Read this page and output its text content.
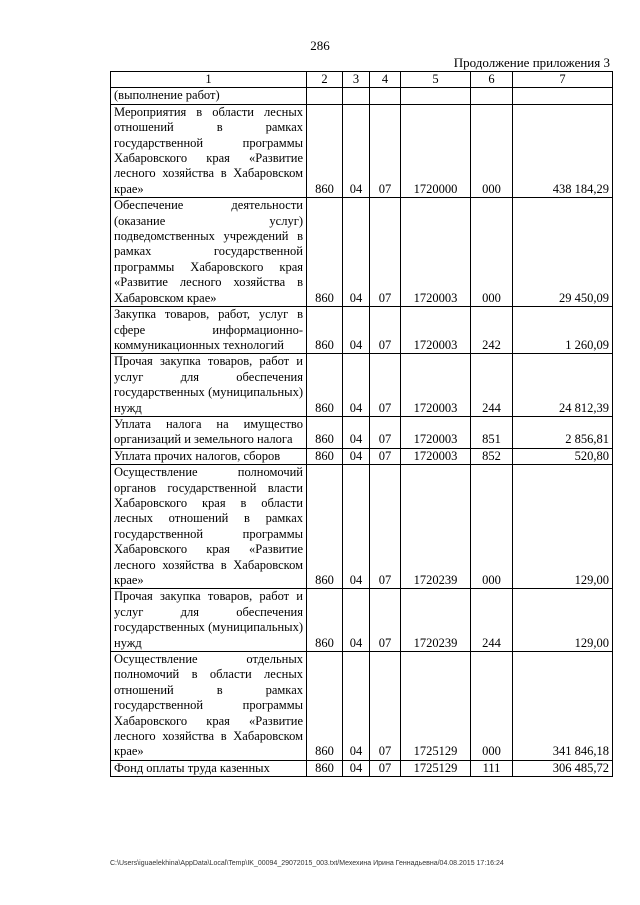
286
Продолжение приложения 3
1	2	3	4	5	6	7
(выполнение работ)						
Мероприятия в области лесных отношений в рамках государственной программы Хабаровского края «Развитие лесного хозяйства в Хабаровском крае»	860	04	07	1720000	000	438 184,29
Обеспечение деятельности (оказание услуг) подведомственных учреждений в рамках государственной программы Хабаровского края «Развитие лесного хозяйства в Хабаровском крае»	860	04	07	1720003	000	29 450,09
Закупка товаров, работ, услуг в сфере информационно-коммуникационных технологий	860	04	07	1720003	242	1 260,09
Прочая закупка товаров, работ и услуг для обеспечения государственных (муниципальных) нужд	860	04	07	1720003	244	24 812,39
Уплата налога на имущество организаций и земельного налога	860	04	07	1720003	851	2 856,81
Уплата прочих налогов, сборов	860	04	07	1720003	852	520,80
Осуществление полномочий органов государственной власти Хабаровского края в области лесных отношений в рамках государственной программы Хабаровского края «Развитие лесного хозяйства в Хабаровском крае»	860	04	07	1720239	000	129,00
Прочая закупка товаров, работ и услуг для обеспечения государственных (муниципальных) нужд	860	04	07	1720239	244	129,00
Осуществление отдельных полномочий в области лесных отношений в рамках государственной программы Хабаровского края «Развитие лесного хозяйства в Хабаровском крае»	860	04	07	1725129	000	341 846,18
Фонд оплаты труда казенных	860	04	07	1725129	111	306 485,72
C:\Users\iguaelekhina\AppData\Local\Temp\IK_00094_29072015_003.txt/Мехехина Ирина Геннадьевна/04.08.2015 17:16:24
